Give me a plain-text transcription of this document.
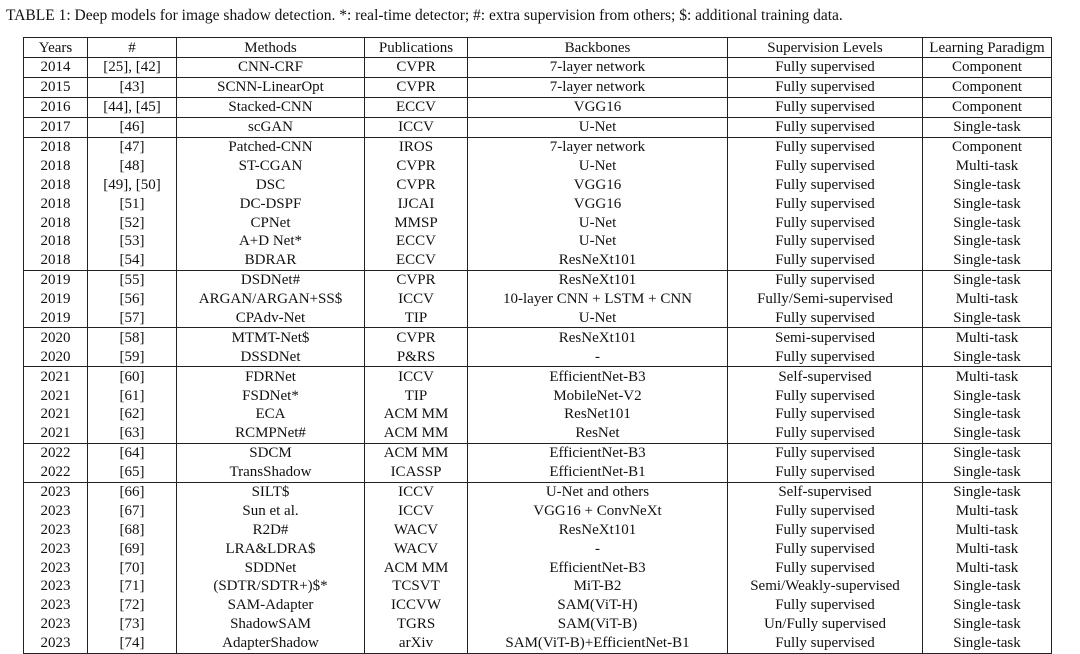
TABLE 1: Deep models for image shadow detection. *: real-time detector; #: extra supervision from others; $: additional training data.
Years	#	Methods	Publications	Backbones	Supervision Levels	Learning Paradigm
2014	[25], [42]	CNN-CRF	CVPR	7-layer network	Fully supervised	Component
2015	[43]	SCNN-LinearOpt	CVPR	7-layer network	Fully supervised	Component
2016	[44], [45]	Stacked-CNN	ECCV	VGG16	Fully supervised	Component
2017	[46]	scGAN	ICCV	U-Net	Fully supervised	Single-task
2018	[47]	Patched-CNN	IROS	7-layer network	Fully supervised	Component
2018	[48]	ST-CGAN	CVPR	U-Net	Fully supervised	Multi-task
2018	[49], [50]	DSC	CVPR	VGG16	Fully supervised	Single-task
2018	[51]	DC-DSPF	IJCAI	VGG16	Fully supervised	Single-task
2018	[52]	CPNet	MMSP	U-Net	Fully supervised	Single-task
2018	[53]	A+D Net*	ECCV	U-Net	Fully supervised	Single-task
2018	[54]	BDRAR	ECCV	ResNeXt101	Fully supervised	Single-task
2019	[55]	DSDNet#	CVPR	ResNeXt101	Fully supervised	Single-task
2019	[56]	ARGAN/ARGAN+SS$	ICCV	10-layer CNN + LSTM + CNN	Fully/Semi-supervised	Multi-task
2019	[57]	CPAdv-Net	TIP	U-Net	Fully supervised	Single-task
2020	[58]	MTMT-Net$	CVPR	ResNeXt101	Semi-supervised	Multi-task
2020	[59]	DSSDNet	P&RS	-	Fully supervised	Single-task
2021	[60]	FDRNet	ICCV	EfficientNet-B3	Self-supervised	Multi-task
2021	[61]	FSDNet*	TIP	MobileNet-V2	Fully supervised	Single-task
2021	[62]	ECA	ACM MM	ResNet101	Fully supervised	Single-task
2021	[63]	RCMPNet#	ACM MM	ResNet	Fully supervised	Single-task
2022	[64]	SDCM	ACM MM	EfficientNet-B3	Fully supervised	Single-task
2022	[65]	TransShadow	ICASSP	EfficientNet-B1	Fully supervised	Single-task
2023	[66]	SILT$	ICCV	U-Net and others	Self-supervised	Single-task
2023	[67]	Sun et al.	ICCV	VGG16 + ConvNeXt	Fully supervised	Multi-task
2023	[68]	R2D#	WACV	ResNeXt101	Fully supervised	Multi-task
2023	[69]	LRA&LDRA$	WACV	-	Fully supervised	Multi-task
2023	[70]	SDDNet	ACM MM	EfficientNet-B3	Fully supervised	Multi-task
2023	[71]	(SDTR/SDTR+)$*	TCSVT	MiT-B2	Semi/Weakly-supervised	Single-task
2023	[72]	SAM-Adapter	ICCVW	SAM(ViT-H)	Fully supervised	Single-task
2023	[73]	ShadowSAM	TGRS	SAM(ViT-B)	Un/Fully supervised	Single-task
2023	[74]	AdapterShadow	arXiv	SAM(ViT-B)+EfficientNet-B1	Fully supervised	Single-task
